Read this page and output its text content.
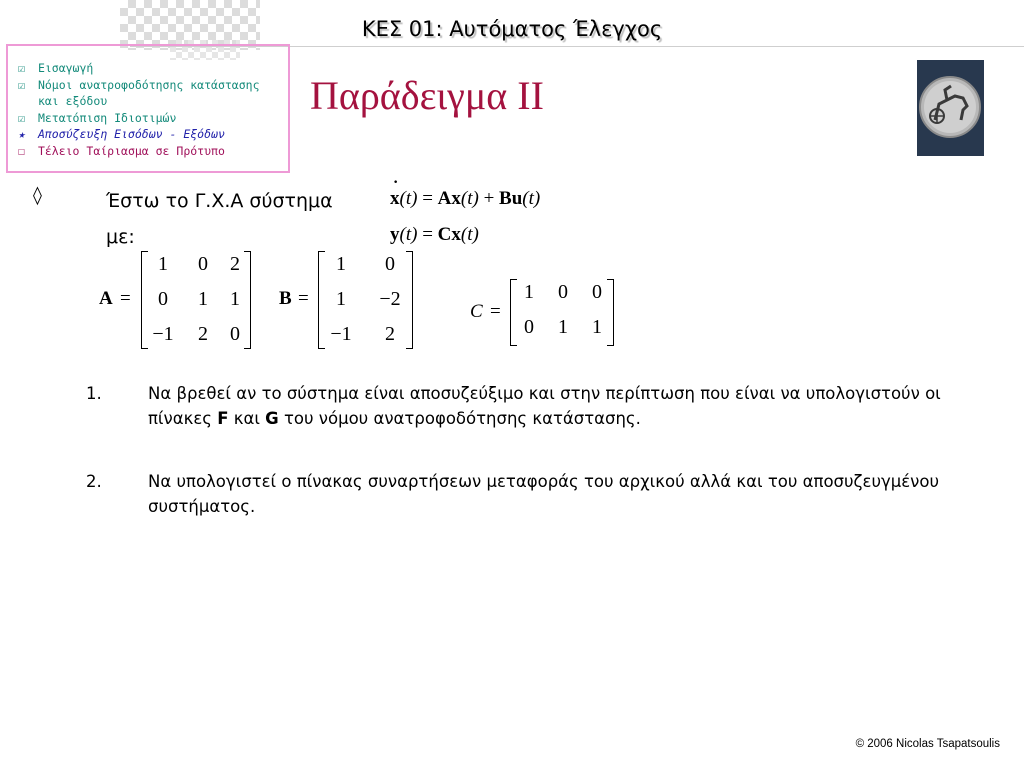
ΚΕΣ 01: Αυτόματος Έλεγχος
☑ Εισαγωγή
☑ Νόμοι ανατροφοδότησης κατάστασης
και εξόδου
☑ Μετατόπιση Ιδιοτιμών
★ Αποσύζευξη Εισόδων - Εξόδων
☐ Τέλειο Ταίριασμα σε Πρότυπο
Παράδειγμα ΙΙ
◊	Έστω το Γ.Χ.Α σύστημα
με:
x
·
(t) = Ax(t) + Bu(t)
y(t) = Cx(t)
A =
1	0	2
0	1	1
−1	2	0
B =
1	0
1	−2
−1	2
C =
1	0	0
0	1	1
1.	Να βρεθεί αν το σύστημα είναι αποσυζεύξιμο και στην περίπτωση που είναι να υπολογιστούν οι πίνακες F και G του νόμου ανατροφοδότησης κατάστασης.
2.	Να υπολογιστεί ο πίνακας συναρτήσεων μεταφοράς του αρχικού αλλά και του αποσυζευγμένου συστήματος.
© 2006 Nicolas Tsapatsoulis
